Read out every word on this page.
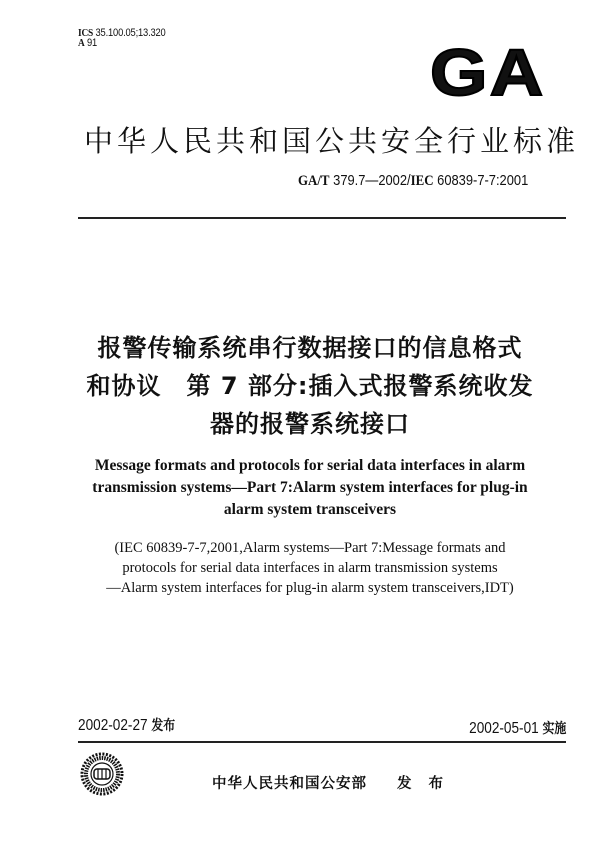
ICS 35.100.05;13.320
A 91	GA
中华人民共和国公共安全行业标准
GA/T 379.7—2002/IEC 60839-7-7:2001
报警传输系统串行数据接口的信息格式
和协议　第 7 部分:插入式报警系统收发
器的报警系统接口
Message formats and protocols for serial data interfaces in alarm
transmission systems—Part 7:Alarm system interfaces for plug-in
alarm system transceivers
(IEC 60839-7-7,2001,Alarm systems—Part 7:Message formats and
protocols for serial data interfaces in alarm transmission systems
—Alarm system interfaces for plug-in alarm system transceivers,IDT)
2002-02-27 发布	2002-05-01 实施
中华人民共和国公安部 发 布
